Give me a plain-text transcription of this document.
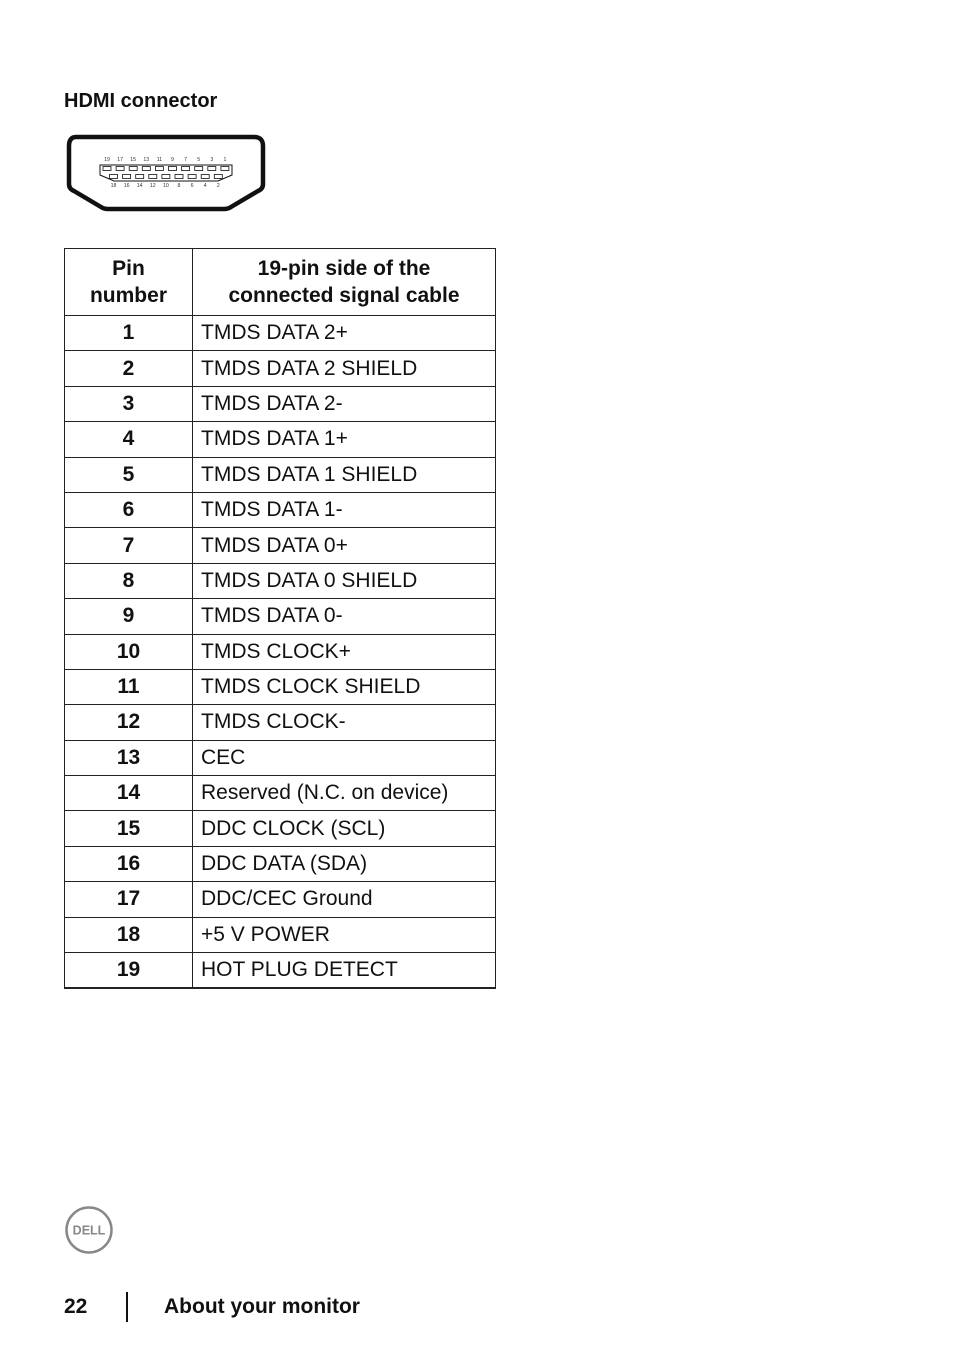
HDMI connector
19 17 15 13 11 9 7 5 3 1
18 16 14 12 10 8 6 4 2
Pin
number	19-pin side of the
connected signal cable
1	TMDS DATA 2+
2	TMDS DATA 2 SHIELD
3	TMDS DATA 2-
4	TMDS DATA 1+
5	TMDS DATA 1 SHIELD
6	TMDS DATA 1-
7	TMDS DATA 0+
8	TMDS DATA 0 SHIELD
9	TMDS DATA 0-
10	TMDS CLOCK+
11	TMDS CLOCK SHIELD
12	TMDS CLOCK-
13	CEC
14	Reserved (N.C. on device)
15	DDC CLOCK (SCL)
16	DDC DATA (SDA)
17	DDC/CEC Ground
18	+5 V POWER
19	HOT PLUG DETECT
DELL
22	About your monitor
